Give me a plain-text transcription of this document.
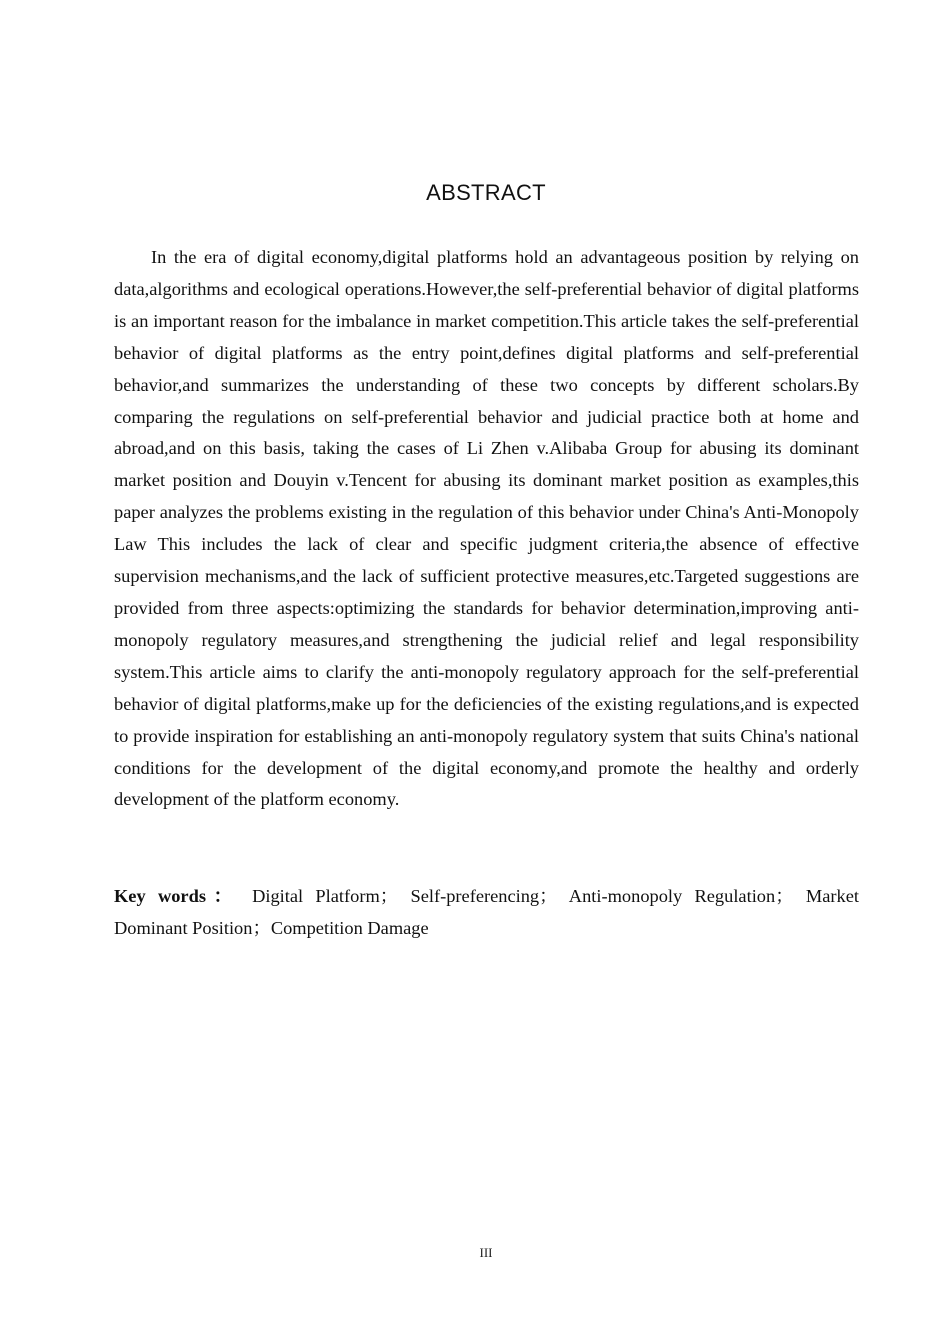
ABSTRACT

In the era of digital economy,digital platforms hold an advantageous position by relying on data,algorithms and ecological operations.However,the self-preferential behavior of digital platforms is an important reason for the imbalance in market competition.This article takes the self-preferential behavior of digital platforms as the entry point,defines digital platforms and self-preferential behavior,and summarizes the understanding of these two concepts by different scholars.By comparing the regulations on self-preferential behavior and judicial practice both at home and abroad,and on this basis, taking the cases of Li Zhen v.Alibaba Group for abusing its dominant market position and Douyin v.Tencent for abusing its dominant market position as examples,this paper analyzes the problems existing in the regulation of this behavior under China's Anti-Monopoly Law This includes the lack of clear and specific judgment criteria,the absence of effective supervision mechanisms,and the lack of sufficient protective measures,etc.Targeted suggestions are provided from three aspects:optimizing the standards for behavior determination,improving anti-monopoly regulatory measures,and strengthening the judicial relief and legal responsibility system.This article aims to clarify the anti-monopoly regulatory approach for the self-preferential behavior of digital platforms,make up for the deficiencies of the existing regulations,and is expected to provide inspiration for establishing an anti-monopoly regulatory system that suits China's national conditions for the development of the digital economy,and promote the healthy and orderly development of the platform economy.

Key words： Digital Platform； Self-preferencing； Anti-monopoly Regulation； Market Dominant Position；Competition Damage

III
